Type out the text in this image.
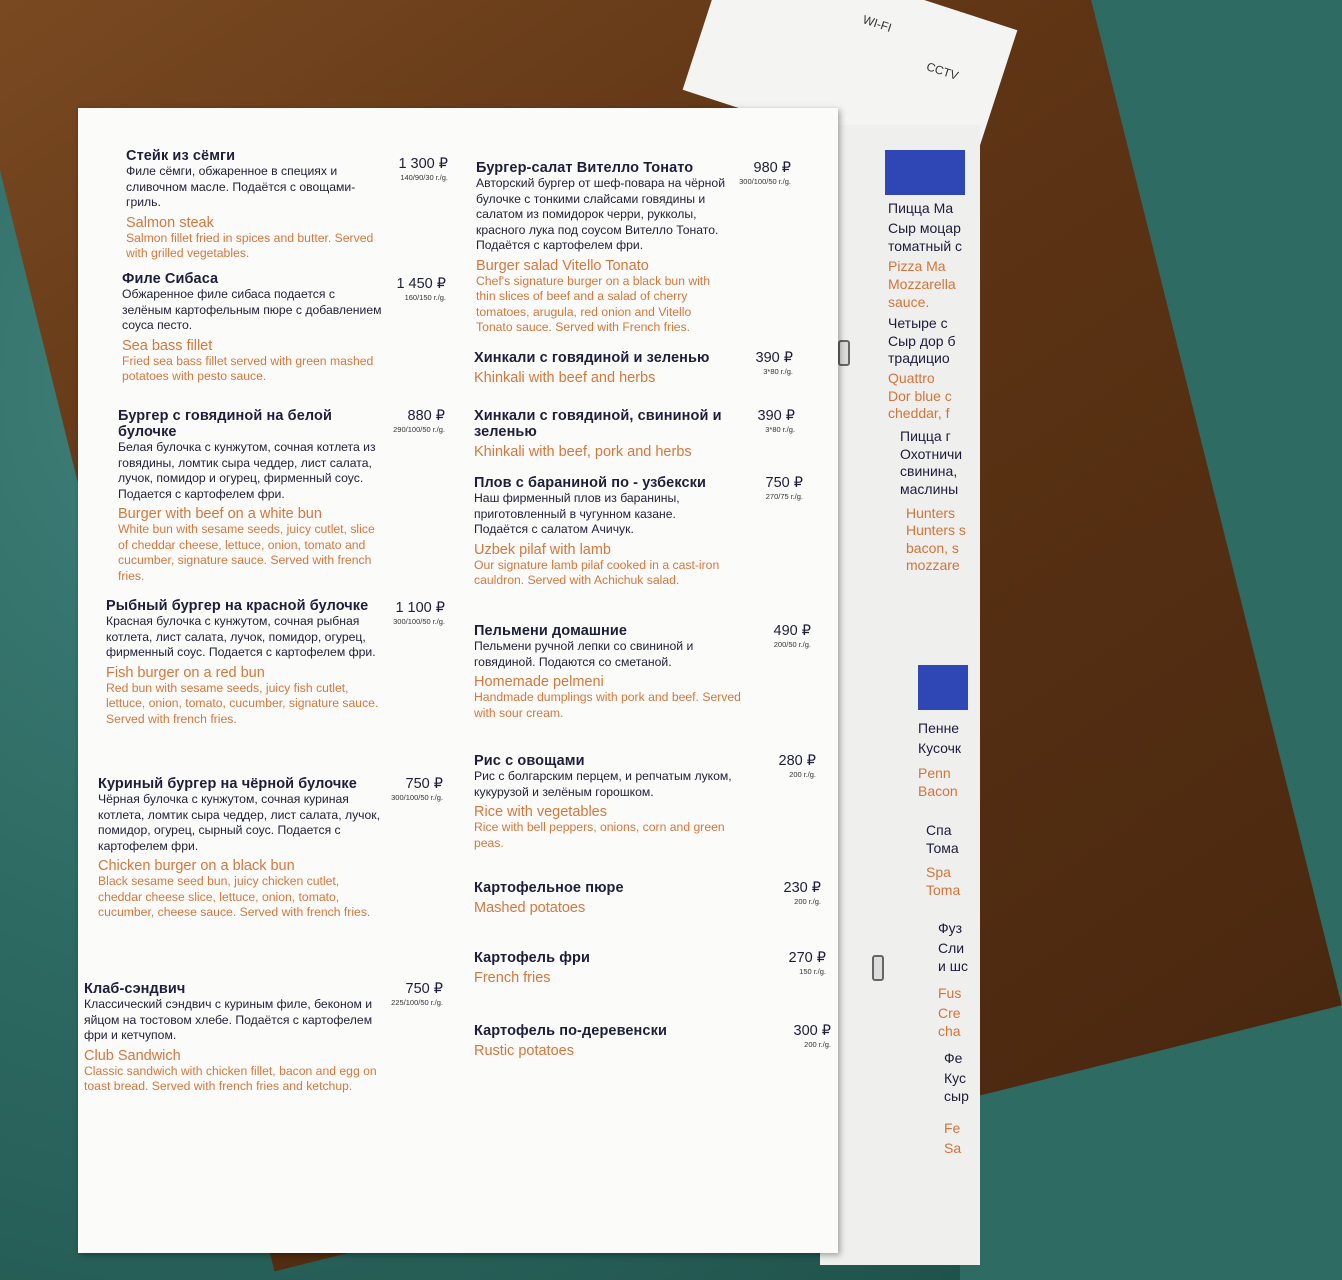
WI-FI
CCTV
Пицца Ма
Сыр моцар
томатный с
Pizza Ma
Mozzarella
sauce.
Четыре с
Сыр дор б
традицио
Quattro
Dor blue c
cheddar, f
Пицца г
Охотничи
свинина,
маслины
Hunters
Hunters s
bacon, s
mozzare
Пенне
Кусочк
Penn
Bacon
Спа
Тома
Spa
Toma
Фуз
Сли
и шс
Fus
Cre
cha
Фе
Кус
сыр
Fe
Sa
Стейк из сёмги
Филе сёмги, обжаренное в специях и сливочном масле. Подаётся с овощами-гриль.
Salmon steak
Salmon fillet fried in spices and butter. Served with grilled vegetables.
1 300 ₽
140/90/30 г./g.
Филе Сибаса
Обжаренное филе сибаса подается с зелёным картофельным пюре с добавлением соуса песто.
Sea bass fillet
Fried sea bass fillet served with green mashed potatoes with pesto sauce.
1 450 ₽
160/150 г./g.
Бургер с говядиной на белой булочке
Белая булочка с кунжутом, сочная котлета из говядины, ломтик сыра чеддер, лист салата, лучок, помидор и огурец, фирменный соус. Подается с картофелем фри.
Burger with beef on a white bun
White bun with sesame seeds, juicy cutlet, slice of cheddar cheese, lettuce, onion, tomato and cucumber, signature sauce. Served with french fries.
880 ₽
290/100/50 г./g.
Рыбный бургер на красной булочке
Красная булочка с кунжутом, сочная рыбная котлета, лист салата, лучок, помидор, огурец, фирменный соус. Подается с картофелем фри.
Fish burger on a red bun
Red bun with sesame seeds, juicy fish cutlet, lettuce, onion, tomato, cucumber, signature sauce. Served with french fries.
1 100 ₽
300/100/50 г./g.
Куриный бургер на чёрной булочке
Чёрная булочка с кунжутом, сочная куриная котлета, ломтик сыра чеддер, лист салата, лучок, помидор, огурец, сырный соус. Подается с картофелем фри.
Chicken burger on a black bun
Black sesame seed bun, juicy chicken cutlet, cheddar cheese slice, lettuce, onion, tomato, cucumber, cheese sauce. Served with french fries.
750 ₽
300/100/50 г./g.
Клаб-сэндвич
Классический сэндвич с куриным филе, беконом и яйцом на тостовом хлебе. Подаётся с картофелем фри и кетчупом.
Club Sandwich
Classic sandwich with chicken fillet, bacon and egg on toast bread. Served with french fries and ketchup.
750 ₽
225/100/50 г./g.
Бургер-салат Вителло Тонато
Авторский бургер от шеф-повара на чёрной булочке с тонкими слайсами говядины и салатом из помидорок черри, рукколы, красного лука под соусом Вителло Тонато. Подаётся с картофелем фри.
Burger salad Vitello Tonato
Chef's signature burger on a black bun with thin slices of beef and a salad of cherry tomatoes, arugula, red onion and Vitello Tonato sauce. Served with French fries.
980 ₽
300/100/50 г./g.
Хинкали с говядиной и зеленью
Khinkali with beef and herbs
390 ₽
3*80 г./g.
Хинкали с говядиной, свининой и зеленью
Khinkali with beef, pork and herbs
390 ₽
3*80 г./g.
Плов с бараниной по - узбекски
Наш фирменный плов из баранины, приготовленный в чугунном казане. Подаётся с салатом Ачичук.
Uzbek pilaf with lamb
Our signature lamb pilaf cooked in a cast-iron cauldron. Served with Achichuk salad.
750 ₽
270/75 г./g.
Пельмени домашние
Пельмени ручной лепки со свининой и говядиной. Подаются со сметаной.
Homemade pelmeni
Handmade dumplings with pork and beef. Served with sour cream.
490 ₽
200/50 г./g.
Рис с овощами
Рис с болгарским перцем, и репчатым луком, кукурузой и зелёным горошком.
Rice with vegetables
Rice with bell peppers, onions, corn and green peas.
280 ₽
200 г./g.
Картофельное пюре
Mashed potatoes
230 ₽
200 г./g.
Картофель фри
French fries
270 ₽
150 г./g.
Картофель по-деревенски
Rustic potatoes
300 ₽
200 г./g.
